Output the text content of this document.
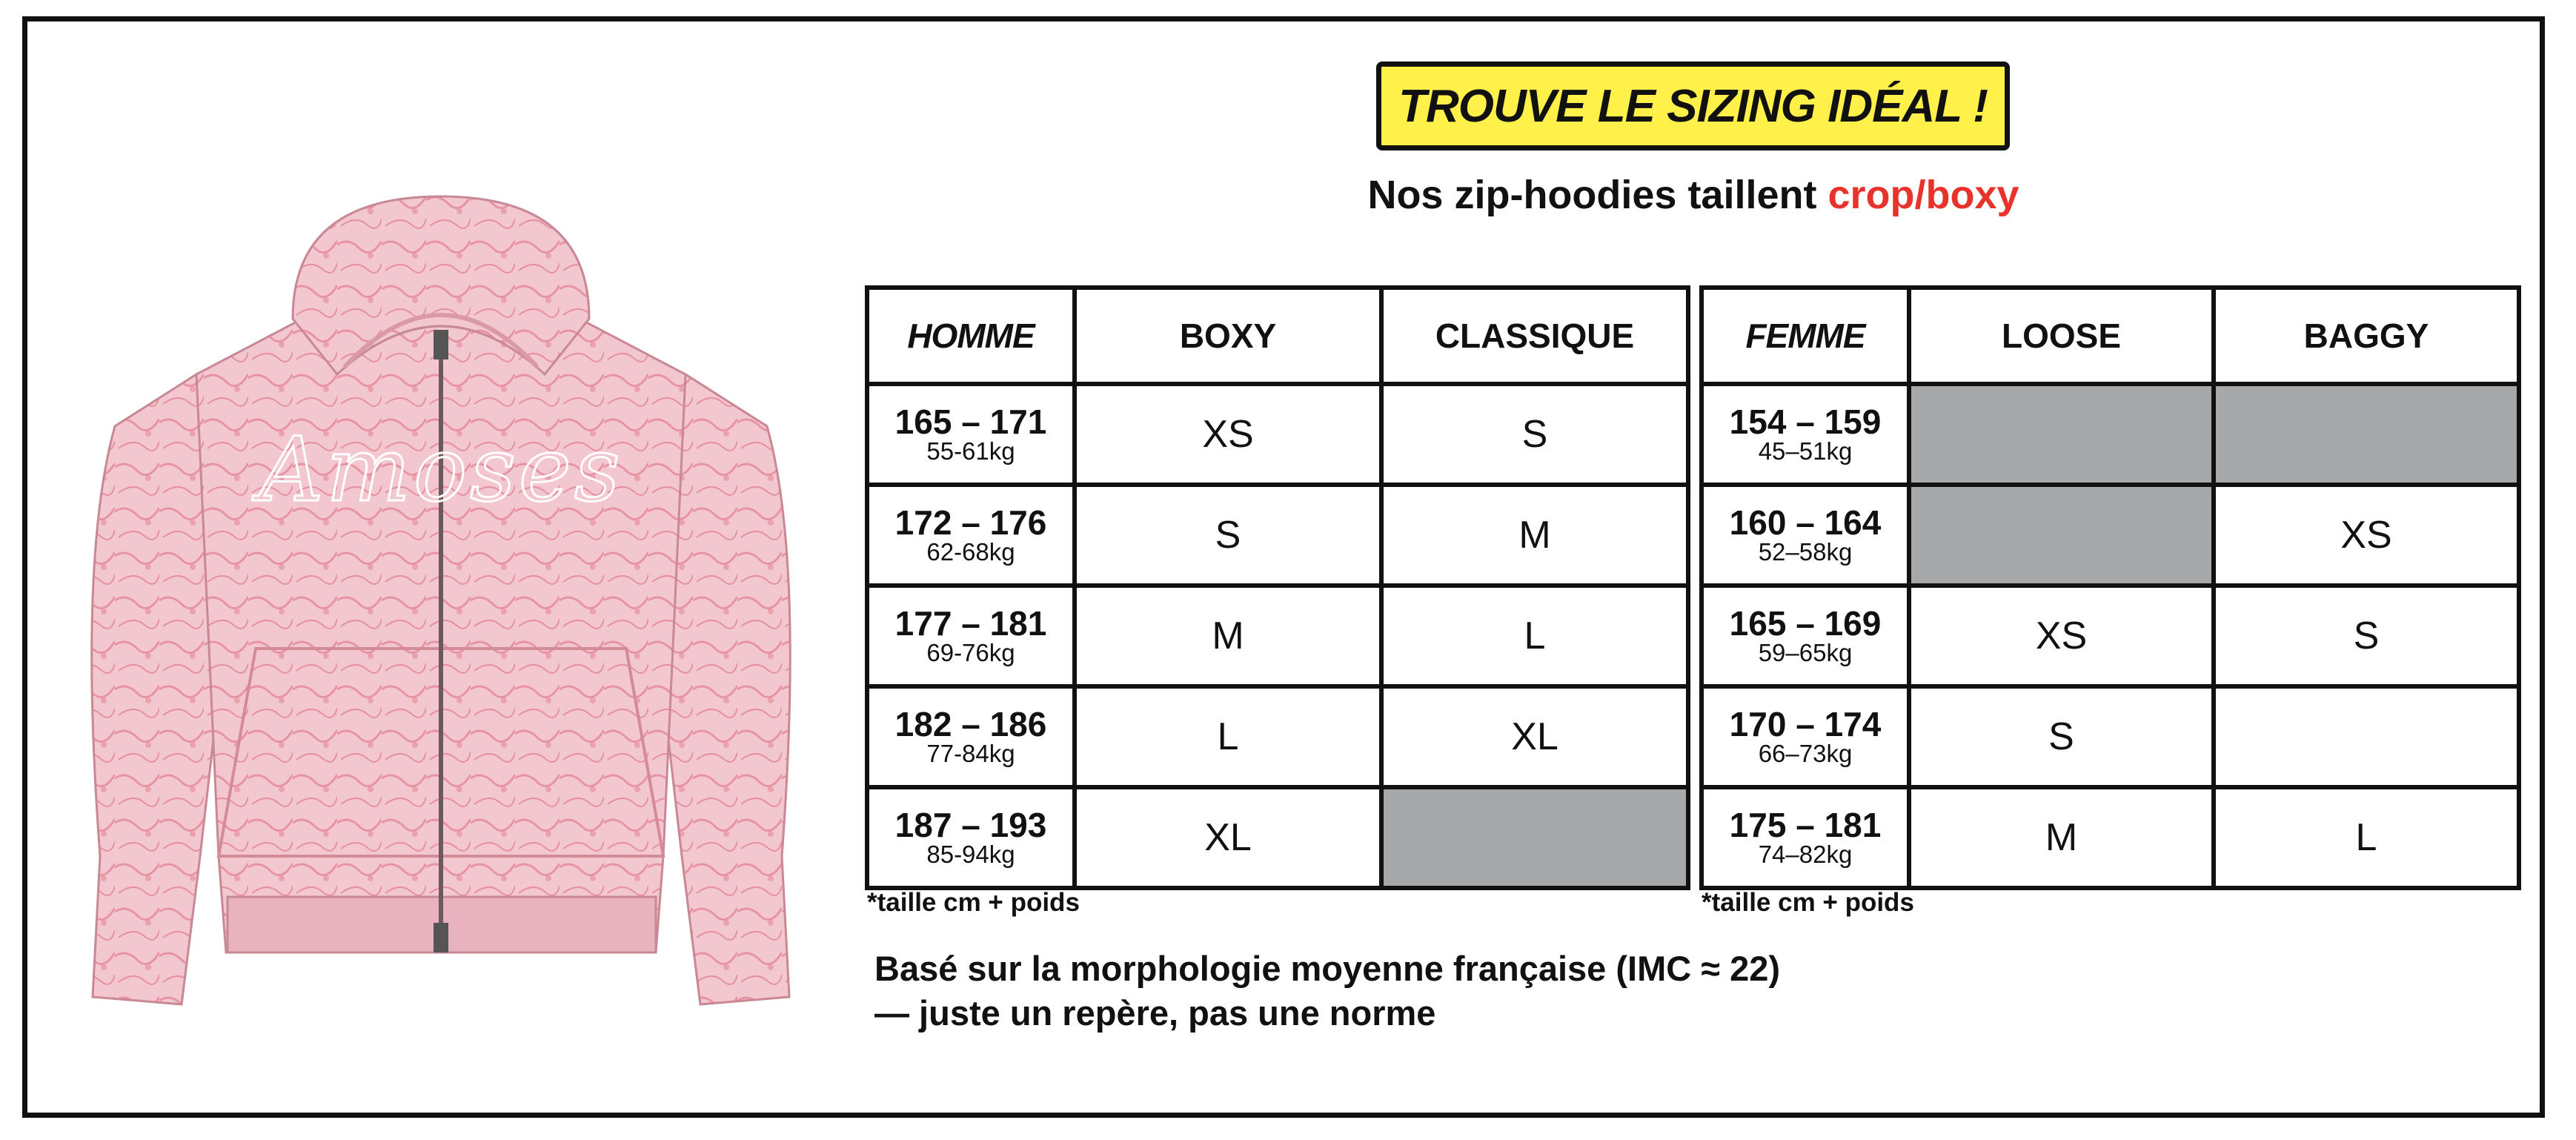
Amoses
TROUVE LE SIZING IDÉAL !
Nos zip-hoodies taillent crop/boxy
HOMME	BOXY	CLASSIQUE

165 – 171
55-61kg	XS	S

172 – 176
62-68kg	S	M

177 – 181
69-76kg	M	L

182 – 186
77-84kg	L	XL

187 – 193
85-94kg	XL	
*taille cm + poids
FEMME	LOOSE	BAGGY

154 – 159
45–51kg		

160 – 164
52–58kg		XS

165 – 169
59–65kg	XS	S

170 – 174
66–73kg	S	

175 – 181
74–82kg	M	L
*taille cm + poids
Basé sur la morphologie moyenne française (IMC ≈ 22)
— juste un repère, pas une norme
